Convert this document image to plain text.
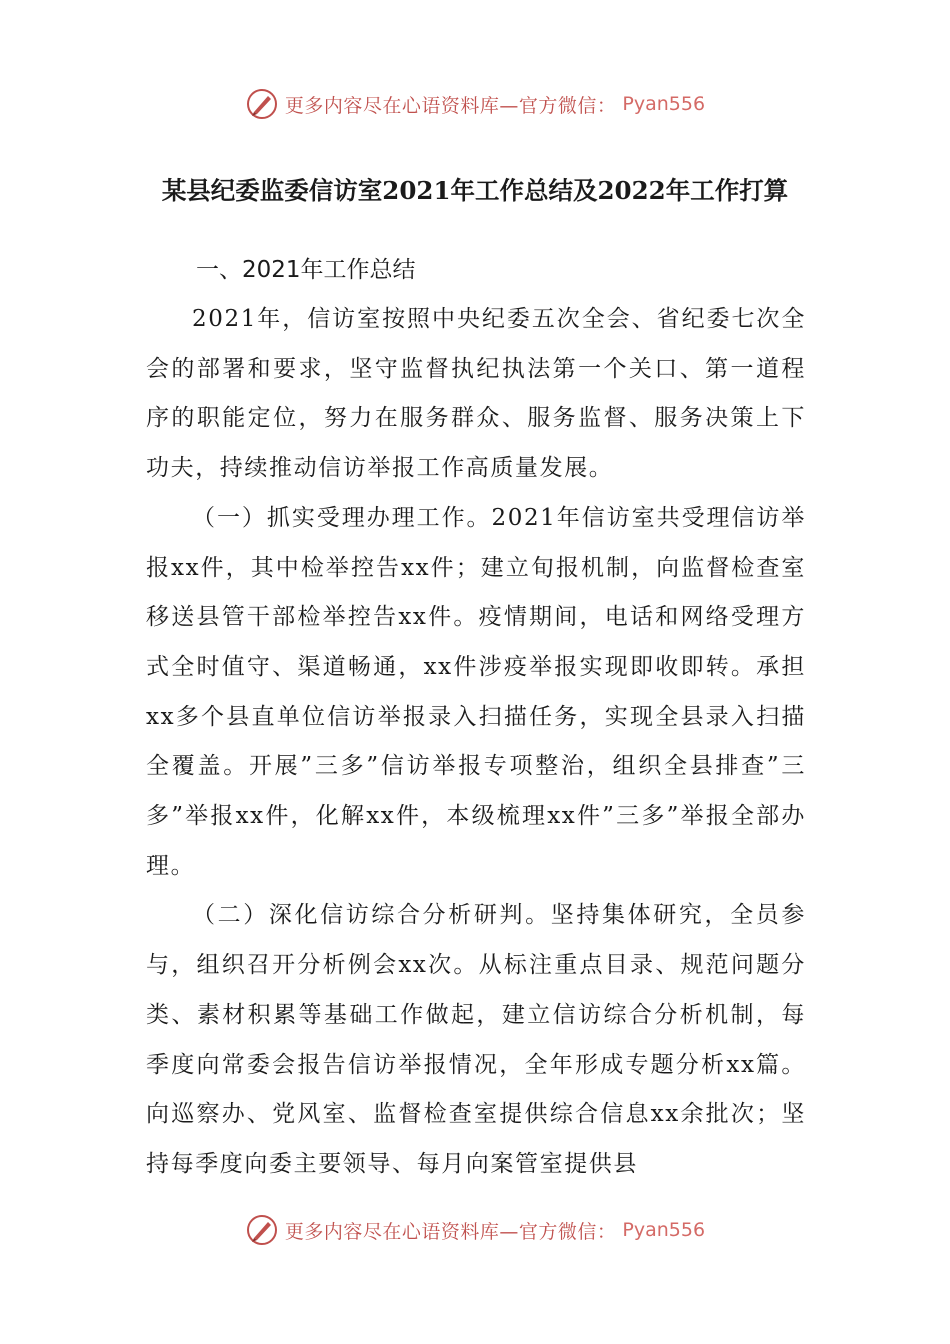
更多内容尽在心语资料库—官方微信： Pyan556
某县纪委监委信访室2021年工作总结及2022年工作打算

一、2021年工作总结

2021年，信访室按照中央纪委五次全会、省纪委七次全会的部署和要求，坚守监督执纪执法第一个关口、第一道程序的职能定位，努力在服务群众、服务监督、服务决策上下功夫，持续推动信访举报工作高质量发展。

（一）抓实受理办理工作。2021年信访室共受理信访举报xx件，其中检举控告xx件；建立旬报机制，向监督检查室移送县管干部检举控告xx件。疫情期间，电话和网络受理方式全时值守、渠道畅通，xx件涉疫举报实现即收即转。承担xx多个县直单位信访举报录入扫描任务，实现全县录入扫描全覆盖。开展”三多”信访举报专项整治，组织全县排查”三多”举报xx件，化解xx件，本级梳理xx件”三多”举报全部办理。

（二）深化信访综合分析研判。坚持集体研究，全员参与，组织召开分析例会xx次。从标注重点目录、规范问题分类、素材积累等基础工作做起，建立信访综合分析机制，每季度向常委会报告信访举报情况，全年形成专题分析xx篇。向巡察办、党风室、监督检查室提供综合信息xx余批次；坚持每季度向委主要领导、每月向案管室提供县

更多内容尽在心语资料库—官方微信： Pyan556
